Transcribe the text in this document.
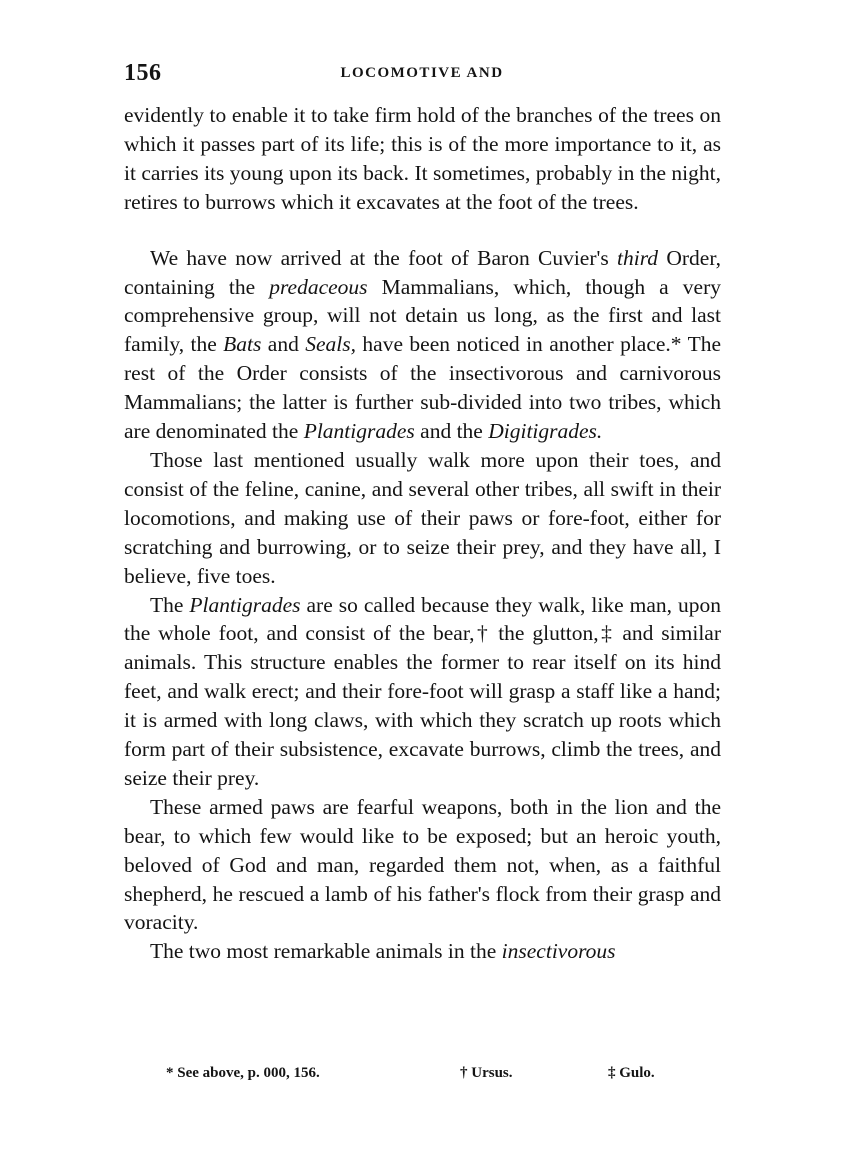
156	LOCOMOTIVE AND

evidently to enable it to take firm hold of the branches of the trees on which it passes part of its life; this is of the more importance to it, as it carries its young upon its back. It sometimes, probably in the night, retires to burrows which it excavates at the foot of the trees.

We have now arrived at the foot of Baron Cuvier's third Order, containing the predaceous Mammalians, which, though a very comprehensive group, will not detain us long, as the first and last family, the Bats and Seals, have been noticed in another place.* The rest of the Order consists of the insectivorous and carnivorous Mammalians; the latter is further sub-divided into two tribes, which are denominated the Plantigrades and the Digitigrades.

Those last mentioned usually walk more upon their toes, and consist of the feline, canine, and several other tribes, all swift in their locomotions, and making use of their paws or fore-foot, either for scratching and burrowing, or to seize their prey, and they have all, I believe, five toes.

The Plantigrades are so called because they walk, like man, upon the whole foot, and consist of the bear,† the glutton,‡ and similar animals. This structure enables the former to rear itself on its hind feet, and walk erect; and their fore-foot will grasp a staff like a hand; it is armed with long claws, with which they scratch up roots which form part of their subsistence, excavate burrows, climb the trees, and seize their prey.

These armed paws are fearful weapons, both in the lion and the bear, to which few would like to be exposed; but an heroic youth, beloved of God and man, regarded them not, when, as a faithful shepherd, he rescued a lamb of his father's flock from their grasp and voracity.

The two most remarkable animals in the insectivorous

* See above, p. 000, 156.	† Ursus.	‡ Gulo.
